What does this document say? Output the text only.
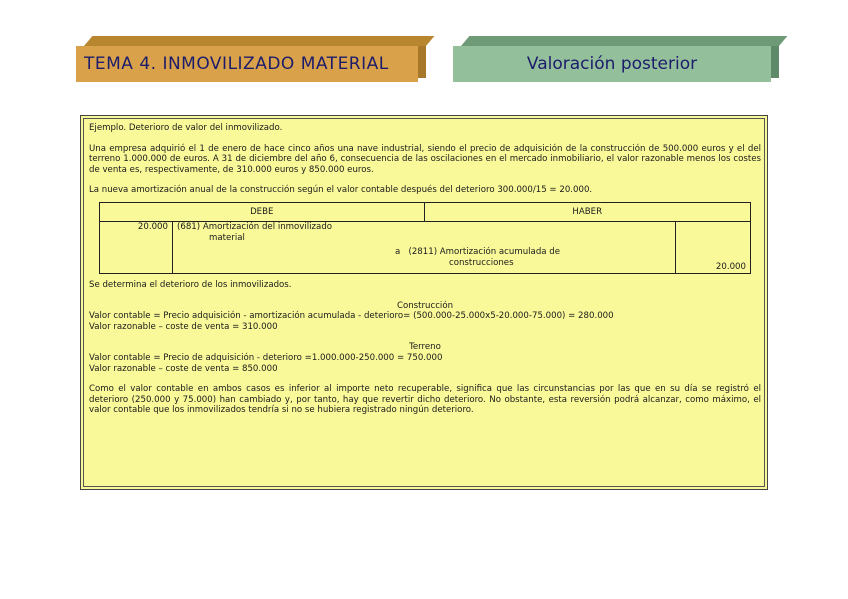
TEMA 4. INMOVILIZADO MATERIAL	Valoración posterior

Ejemplo. Deterioro de valor del inmovilizado.

Una empresa adquirió el 1 de enero de hace cinco años una nave industrial, siendo el precio de adquisición de la construcción de 500.000 euros y el del terreno 1.000.000 de euros. A 31 de diciembre del año 6, consecuencia de las oscilaciones en el mercado inmobiliario, el valor razonable menos los costes de venta es, respectivamente, de 310.000 euros y 850.000 euros.

La nueva amortización anual de la construcción según el valor contable después del deterioro 300.000/15 = 20.000.

DEBE		HABER	
20.000	(681) Amortización del inmovilizado
material
a (2811) Amortización acumulada de
construcciones		20.000

Se determina el deterioro de los inmovilizados.

Construcción

Valor contable = Precio adquisición - amortización acumulada - deterioro= (500.000-25.000x5-20.000-75.000) = 280.000

Valor razonable – coste de venta = 310.000

Terreno

Valor contable = Precio de adquisición - deterioro =1.000.000-250.000 = 750.000

Valor razonable – coste de venta = 850.000

Como el valor contable en ambos casos es inferior al importe neto recuperable, significa que las circunstancias por las que en su día se registró el deterioro (250.000 y 75.000) han cambiado y, por tanto, hay que revertir dicho deterioro. No obstante, esta reversión podrá alcanzar, como máximo, el valor contable que los inmovilizados tendría si no se hubiera registrado ningún deterioro.
